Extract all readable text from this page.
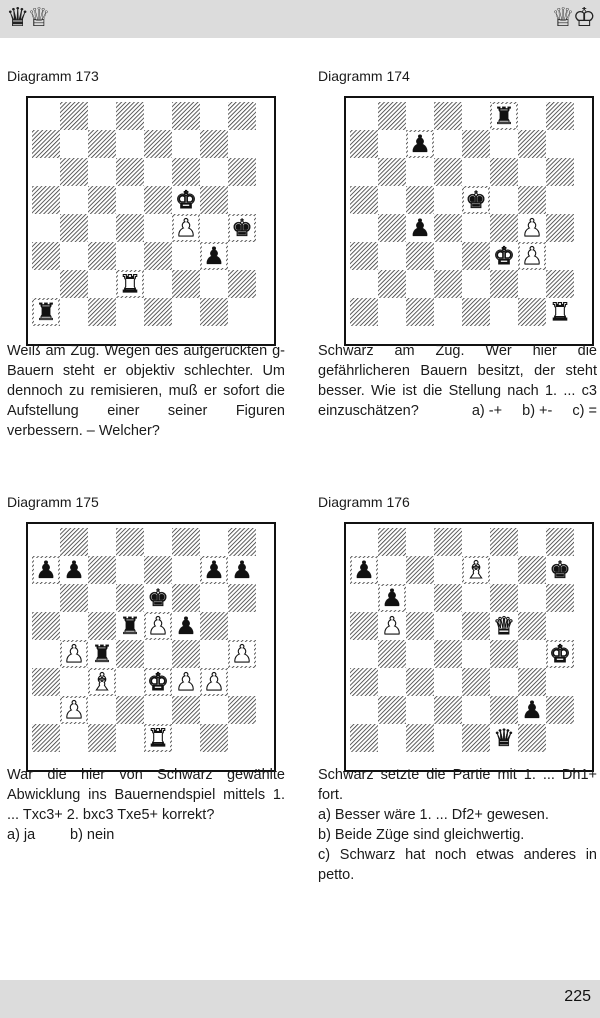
♛♕	♕♔
Diagramm 173
♚
♟ ♚
♟
♜
♜

Weiß am Zug. Wegen des aufgerückten g-Bauern steht er objektiv schlechter. Um dennoch zu remisieren, muß er sofort die Aufstellung einer seiner Figuren verbessern. – Welcher?

Diagramm 174
♜
♟
♚
♟	♟
♚ ♟
♜

Schwarz am Zug. Wer hier die gefährlicheren Bauern besitzt, der steht besser. Wie ist die Stellung nach 1. ... c3 einzuschätzen?	a) -+ b) +- c) =
Diagramm 175
♟ ♟	♟ ♟
♚
♜ ♟ ♟
♟ ♜	♟
♝ ♚ ♟ ♟
♟
♜

War die hier von Schwarz gewählte Abwicklung ins Bauernendspiel mittels 1. ... Txc3+ 2. bxc3 Txe5+ korrekt?

a) ja b) nein
Diagramm 176
♟	♝	♚
♟
♟	♛
♚
♟
♛

Schwarz setzte die Partie mit 1. ... Dh1+ fort.

a) Besser wäre 1. ... Df2+ gewesen.

b) Beide Züge sind gleichwertig.

c) Schwarz hat noch etwas anderes in petto.

225
